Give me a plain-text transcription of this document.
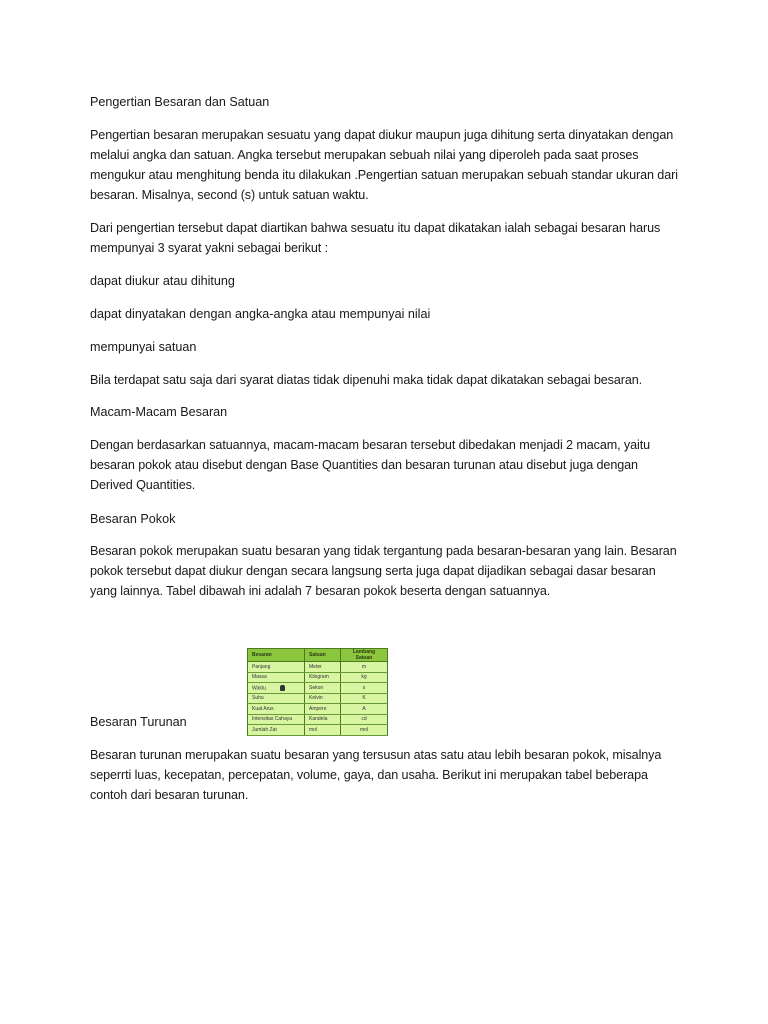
Pengertian Besaran dan Satuan

Pengertian besaran merupakan sesuatu yang dapat diukur maupun juga dihitung serta dinyatakan dengan melalui angka dan satuan. Angka tersebut merupakan sebuah nilai yang diperoleh pada saat proses mengukur atau menghitung benda itu dilakukan .Pengertian satuan merupakan sebuah standar ukuran dari besaran. Misalnya, second (s) untuk satuan waktu.

Dari pengertian tersebut dapat diartikan bahwa sesuatu itu dapat dikatakan ialah sebagai besaran harus mempunyai 3 syarat yakni sebagai berikut :

dapat diukur atau dihitung

dapat dinyatakan dengan angka-angka atau mempunyai nilai

mempunyai satuan

Bila terdapat satu saja dari syarat diatas tidak dipenuhi maka tidak dapat dikatakan sebagai besaran.

Macam-Macam Besaran

Dengan berdasarkan satuannya, macam-macam besaran tersebut dibedakan menjadi 2 macam, yaitu besaran pokok atau disebut dengan Base Quantities dan besaran turunan atau disebut juga dengan Derived Quantities.

Besaran Pokok

Besaran pokok merupakan suatu besaran yang tidak tergantung pada besaran-besaran yang lain. Besaran pokok tersebut dapat diukur dengan secara langsung serta juga dapat dijadikan sebagai dasar besaran yang lainnya. Tabel dibawah ini adalah 7 besaran pokok beserta dengan satuannya.

Besaran Turunan

Besaran turunan merupakan suatu besaran yang tersusun atas satu atau lebih besaran pokok, misalnya seperrti luas, kecepatan, percepatan, volume, gaya, dan usaha. Berikut ini merupakan tabel beberapa contoh dari besaran turunan.

Besaran	Satuan	Lambang Satuan
Panjang	Meter	m
Massa	Kilogram	kg
Waktu	Sekon	s
Suhu	Kelvin	K
Kuat Arus	Ampere	A
Intensitas Cahaya	Kandela	cd
Jumlah Zat	mol	mol
